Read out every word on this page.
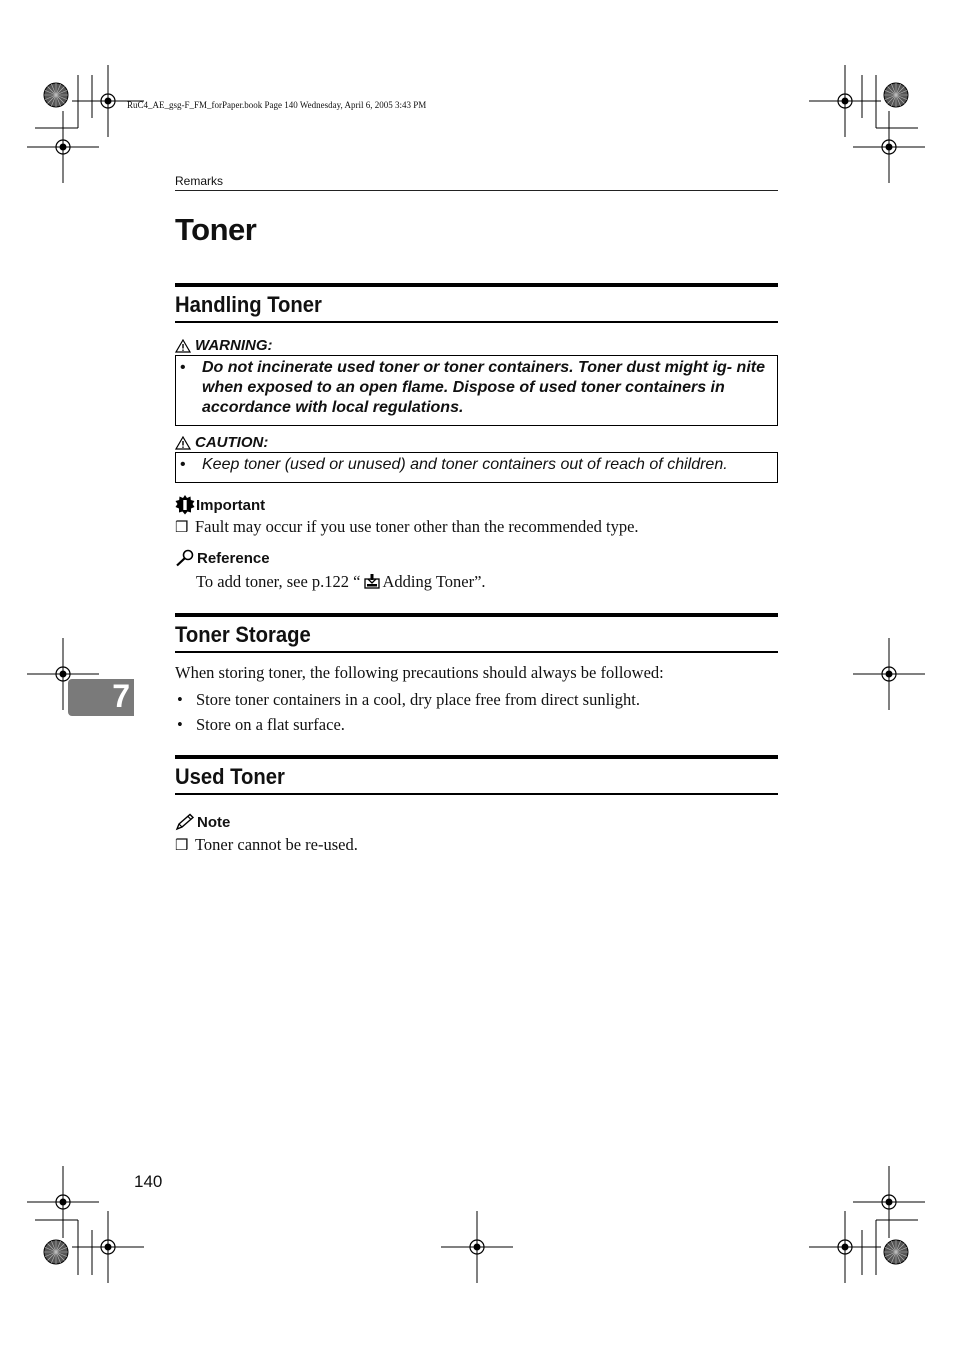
RuC4_AE_gsg-F_FM_forPaper.book Page 140 Wednesday, April 6, 2005 3:43 PM
Remarks
Toner
Handling Toner
WARNING:
• Do not incinerate used toner or toner containers. Toner dust might ig- nite when exposed to an open flame. Dispose of used toner containers in accordance with local regulations.
CAUTION:
• Keep toner (used or unused) and toner containers out of reach of children.
Important
❒ Fault may occur if you use toner other than the recommended type.
Reference
To add toner, see p.122 “ Adding Toner”.
Toner Storage
When storing toner, the following precautions should always be followed:
• Store toner containers in a cool, dry place free from direct sunlight.
• Store on a flat surface.
Used Toner
Note
❒ Toner cannot be re-used.
7
140
